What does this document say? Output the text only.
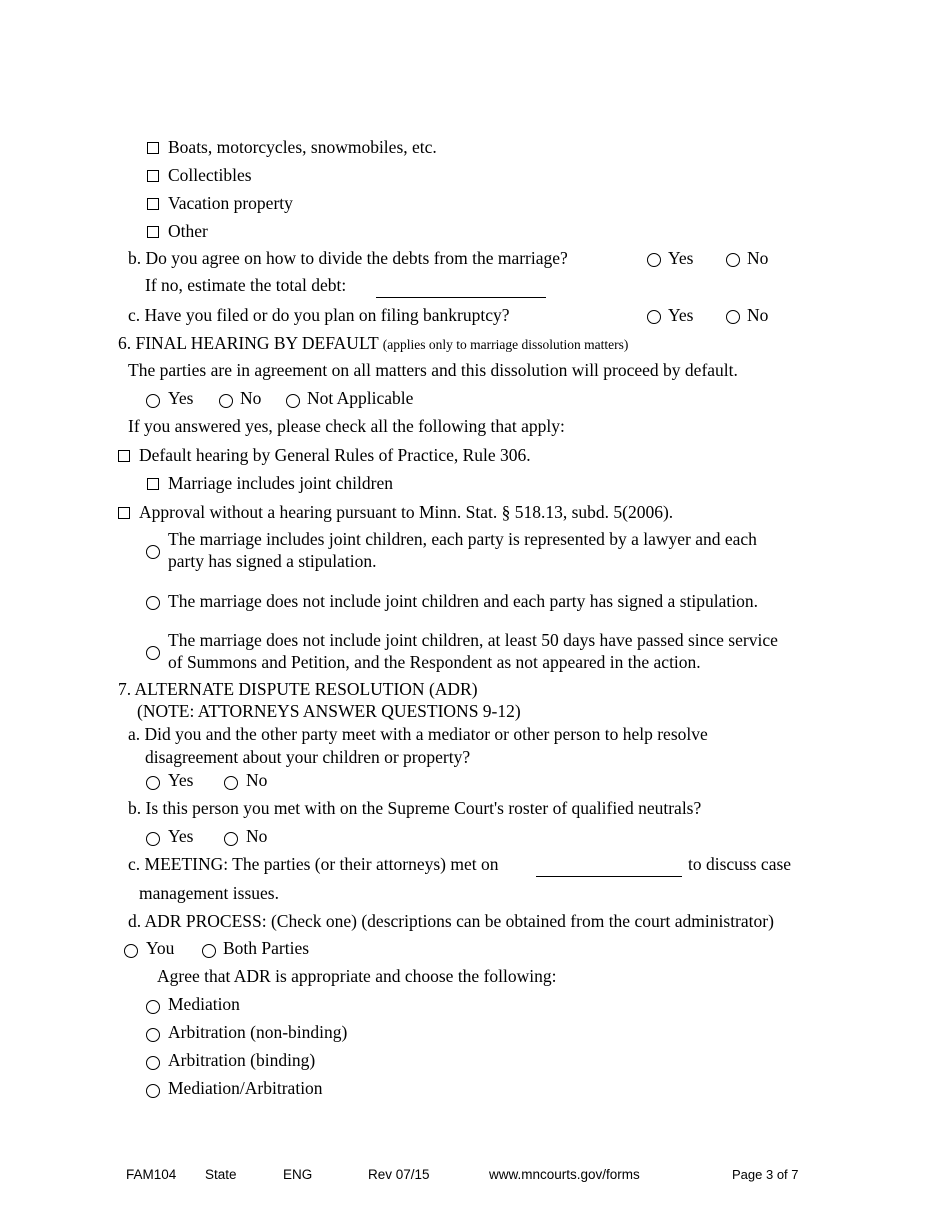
Boats, motorcycles, snowmobiles, etc.
Collectibles
Vacation property
Other
b. Do you agree on how to divide the debts from the marriage?	Yes	No
If no, estimate the total debt:
c. Have you filed or do you plan on filing bankruptcy?	Yes	No
6. FINAL HEARING BY DEFAULT (applies only to marriage dissolution matters)
The parties are in agreement on all matters and this dissolution will proceed by default.
Yes	No	Not Applicable
If you answered yes, please check all the following that apply:
Default hearing by General Rules of Practice, Rule 306.
Marriage includes joint children
Approval without a hearing pursuant to Minn. Stat. § 518.13, subd. 5(2006).
The marriage includes joint children, each party is represented by a lawyer and each
party has signed a stipulation.
The marriage does not include joint children and each party has signed a stipulation.
The marriage does not include joint children, at least 50 days have passed since service
of Summons and Petition, and the Respondent as not appeared in the action.
7. ALTERNATE DISPUTE RESOLUTION (ADR)
(NOTE: ATTORNEYS ANSWER QUESTIONS 9-12)
a. Did you and the other party meet with a mediator or other person to help resolve
disagreement about your children or property?
Yes	No
b. Is this person you met with on the Supreme Court's roster of qualified neutrals?
Yes	No
c. MEETING: The parties (or their attorneys) met on	to discuss case
management issues.
d. ADR PROCESS: (Check one) (descriptions can be obtained from the court administrator)
You	Both Parties
Agree that ADR is appropriate and choose the following:
Mediation
Arbitration (non-binding)
Arbitration (binding)
Mediation/Arbitration
FAM104 State	ENG	Rev 07/15	www.mncourts.gov/forms	Page 3 of 7
